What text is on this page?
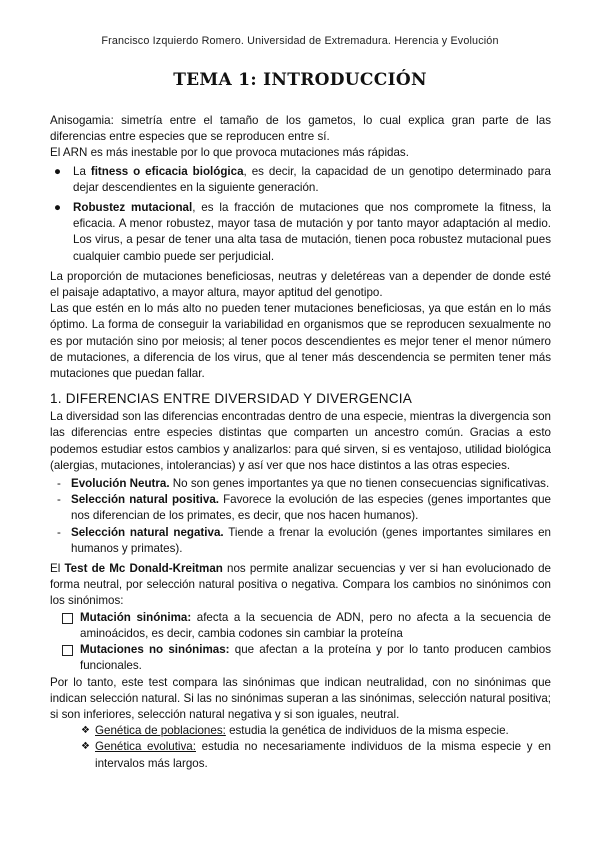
Francisco Izquierdo Romero. Universidad de Extremadura. Herencia y Evolución
TEMA 1: INTRODUCCIÓN

Anisogamia: simetría entre el tamaño de los gametos, lo cual explica gran parte de las diferencias entre especies que se reproducen entre sí.

El ARN es más inestable por lo que provoca mutaciones más rápidas.

● La fitness o eficacia biológica, es decir, la capacidad de un genotipo determinado para dejar descendientes en la siguiente generación.
● Robustez mutacional, es la fracción de mutaciones que nos compromete la fitness, la eficacia. A menor robustez, mayor tasa de mutación y por tanto mayor adaptación al medio. Los virus, a pesar de tener una alta tasa de mutación, tienen poca robustez mutacional pues cualquier cambio puede ser perjudicial.

La proporción de mutaciones beneficiosas, neutras y deletéreas van a depender de donde esté el paisaje adaptativo, a mayor altura, mayor aptitud del genotipo.

Las que estén en lo más alto no pueden tener mutaciones beneficiosas, ya que están en lo más óptimo. La forma de conseguir la variabilidad en organismos que se reproducen sexualmente no es por mutación sino por meiosis; al tener pocos descendientes es mejor tener el menor número de mutaciones, a diferencia de los virus, que al tener más descendencia se permiten tener más mutaciones que puedan fallar.

1. DIFERENCIAS ENTRE DIVERSIDAD Y DIVERGENCIA

La diversidad son las diferencias encontradas dentro de una especie, mientras la divergencia son las diferencias entre especies distintas que comparten un ancestro común. Gracias a esto podemos estudiar estos cambios y analizarlos: para qué sirven, si es ventajoso, utilidad biológica (alergias, mutaciones, intolerancias) y así ver que nos hace distintos a las otras especies.

- Evolución Neutra. No son genes importantes ya que no tienen consecuencias significativas.
- Selección natural positiva. Favorece la evolución de las especies (genes importantes que nos diferencian de los primates, es decir, que nos hacen humanos).
- Selección natural negativa. Tiende a frenar la evolución (genes importantes similares en humanos y primates).

El Test de Mc Donald-Kreitman nos permite analizar secuencias y ver si han evolucionado de forma neutral, por selección natural positiva o negativa. Compara los cambios no sinónimos con los sinónimos:

Mutación sinónima: afecta a la secuencia de ADN, pero no afecta a la secuencia de aminoácidos, es decir, cambia codones sin cambiar la proteína
Mutaciones no sinónimas: que afectan a la proteína y por lo tanto producen cambios funcionales.

Por lo tanto, este test compara las sinónimas que indican neutralidad, con no sinónimas que indican selección natural. Si las no sinónimas superan a las sinónimas, selección natural positiva; si son inferiores, selección natural negativa y si son iguales, neutral.

❖ Genética de poblaciones: estudia la genética de individuos de la misma especie.
❖ Genética evolutiva: estudia no necesariamente individuos de la misma especie y en intervalos más largos.
